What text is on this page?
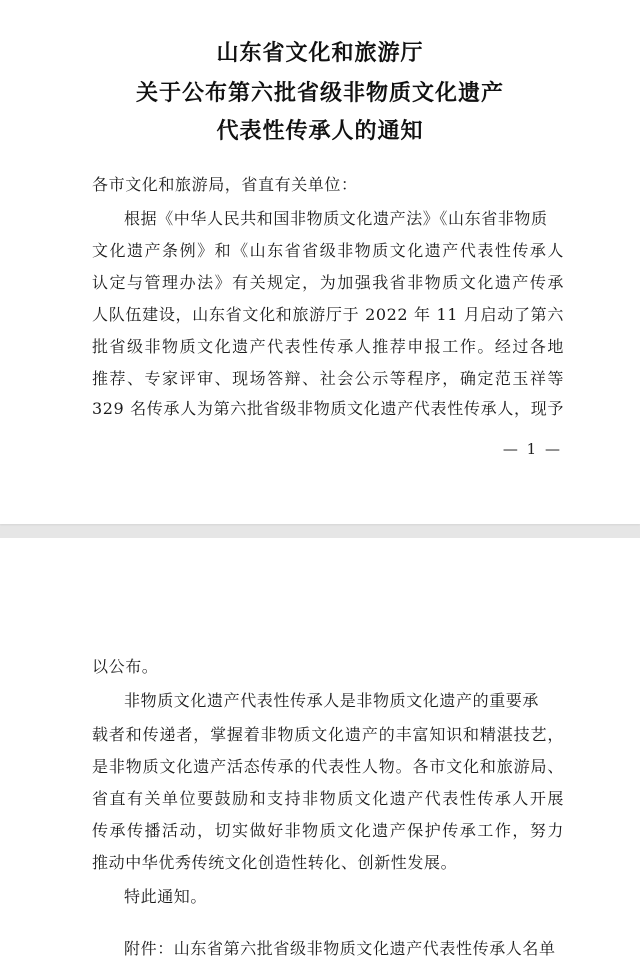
山东省文化和旅游厅
关于公布第六批省级非物质文化遗产
代表性传承人的通知
各市文化和旅游局，省直有关单位：
根据《中华人民共和国非物质文化遗产法》《山东省非物质
文化遗产条例》和《山东省省级非物质文化遗产代表性传承人
认定与管理办法》有关规定，为加强我省非物质文化遗产传承
人队伍建设，山东省文化和旅游厅于 2022 年 11 月启动了第六
批省级非物质文化遗产代表性传承人推荐申报工作。经过各地
推荐、专家评审、现场答辩、社会公示等程序，确定范玉祥等
329 名传承人为第六批省级非物质文化遗产代表性传承人，现予
— 1 —
以公布。
非物质文化遗产代表性传承人是非物质文化遗产的重要承
载者和传递者，掌握着非物质文化遗产的丰富知识和精湛技艺，
是非物质文化遗产活态传承的代表性人物。各市文化和旅游局、
省直有关单位要鼓励和支持非物质文化遗产代表性传承人开展
传承传播活动，切实做好非物质文化遗产保护传承工作，努力
推动中华优秀传统文化创造性转化、创新性发展。
特此通知。
附件：山东省第六批省级非物质文化遗产代表性传承人名单
